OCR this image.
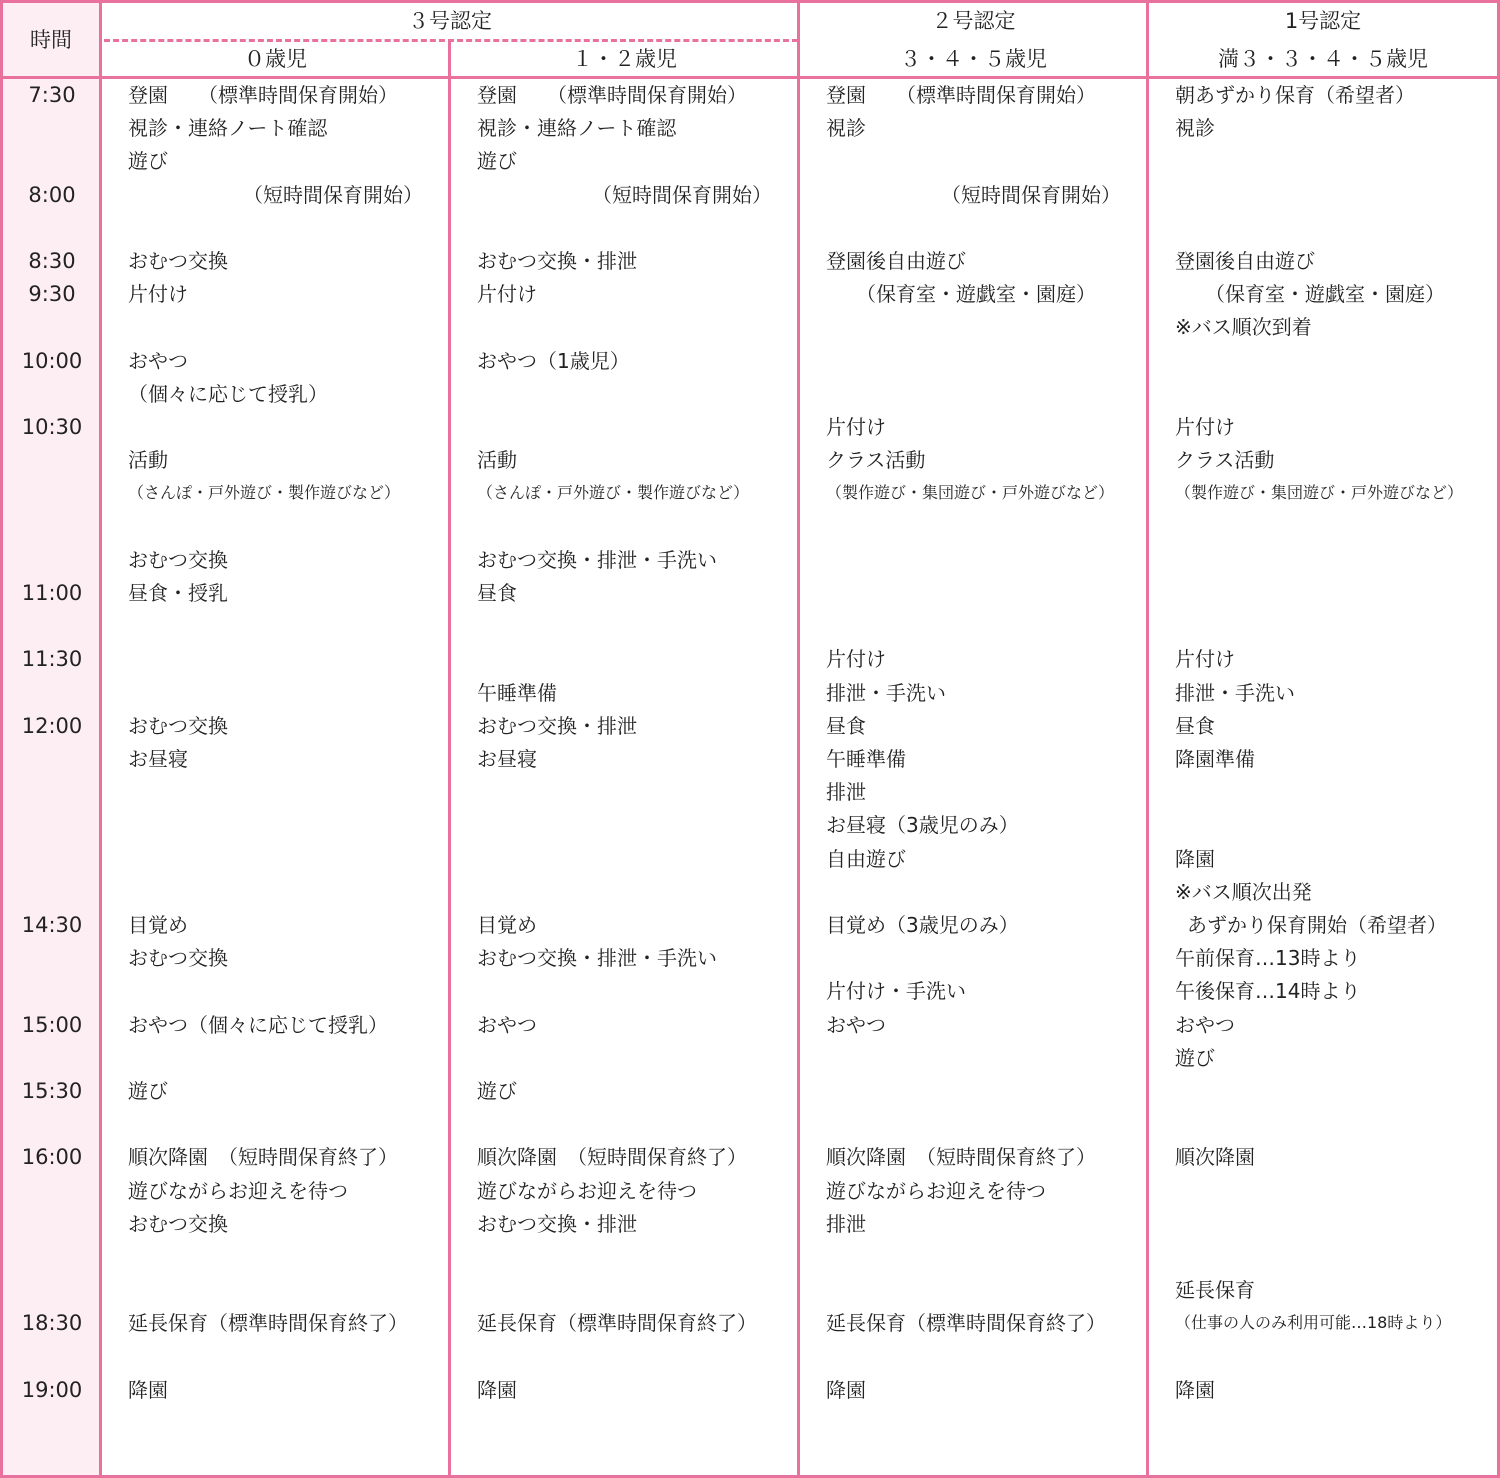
時間
３号認定
０歳児	１・２歳児
２号認定
３・４・５歳児
1号認定
満３・３・４・５歳児
7:30
8:00
8:30
9:30
10:00
10:30
11:00
11:30
12:00
14:30
15:00
15:30
16:00
18:30
19:00
登園　　（標準時間保育開始）
視診・連絡ノート確認
遊び
（短時間保育開始）
おむつ交換
片付け
おやつ
（個々に応じて授乳）
活動
（さんぽ・戸外遊び・製作遊びなど）
おむつ交換
昼食・授乳
おむつ交換
お昼寝
目覚め
おむつ交換
おやつ（個々に応じて授乳）
遊び
順次降園　（短時間保育終了）
遊びながらお迎えを待つ
おむつ交換
延長保育（標準時間保育終了）
降園
登園　　（標準時間保育開始）
視診・連絡ノート確認
遊び
（短時間保育開始）
おむつ交換・排泄
片付け
おやつ（1歳児）
活動
（さんぽ・戸外遊び・製作遊びなど）
おむつ交換・排泄・手洗い
昼食
午睡準備
おむつ交換・排泄
お昼寝
目覚め
おむつ交換・排泄・手洗い
おやつ
遊び
順次降園　（短時間保育終了）
遊びながらお迎えを待つ
おむつ交換・排泄
延長保育（標準時間保育終了）
降園
登園　　（標準時間保育開始）
視診
（短時間保育開始）
登園後自由遊び
（保育室・遊戯室・園庭）
片付け
クラス活動
（製作遊び・集団遊び・戸外遊びなど）
片付け
排泄・手洗い
昼食
午睡準備
排泄
お昼寝（3歳児のみ）
自由遊び
目覚め（3歳児のみ）
片付け・手洗い
おやつ
順次降園　（短時間保育終了）
遊びながらお迎えを待つ
排泄
延長保育（標準時間保育終了）
降園
朝あずかり保育（希望者）
視診
登園後自由遊び
（保育室・遊戯室・園庭）
※バス順次到着
片付け
クラス活動
（製作遊び・集団遊び・戸外遊びなど）
片付け
排泄・手洗い
昼食
降園準備
降園
※バス順次出発
あずかり保育開始（希望者）
午前保育…13時より
午後保育…14時より
おやつ
遊び
順次降園
延長保育
（仕事の人のみ利用可能…18時より）
降園
